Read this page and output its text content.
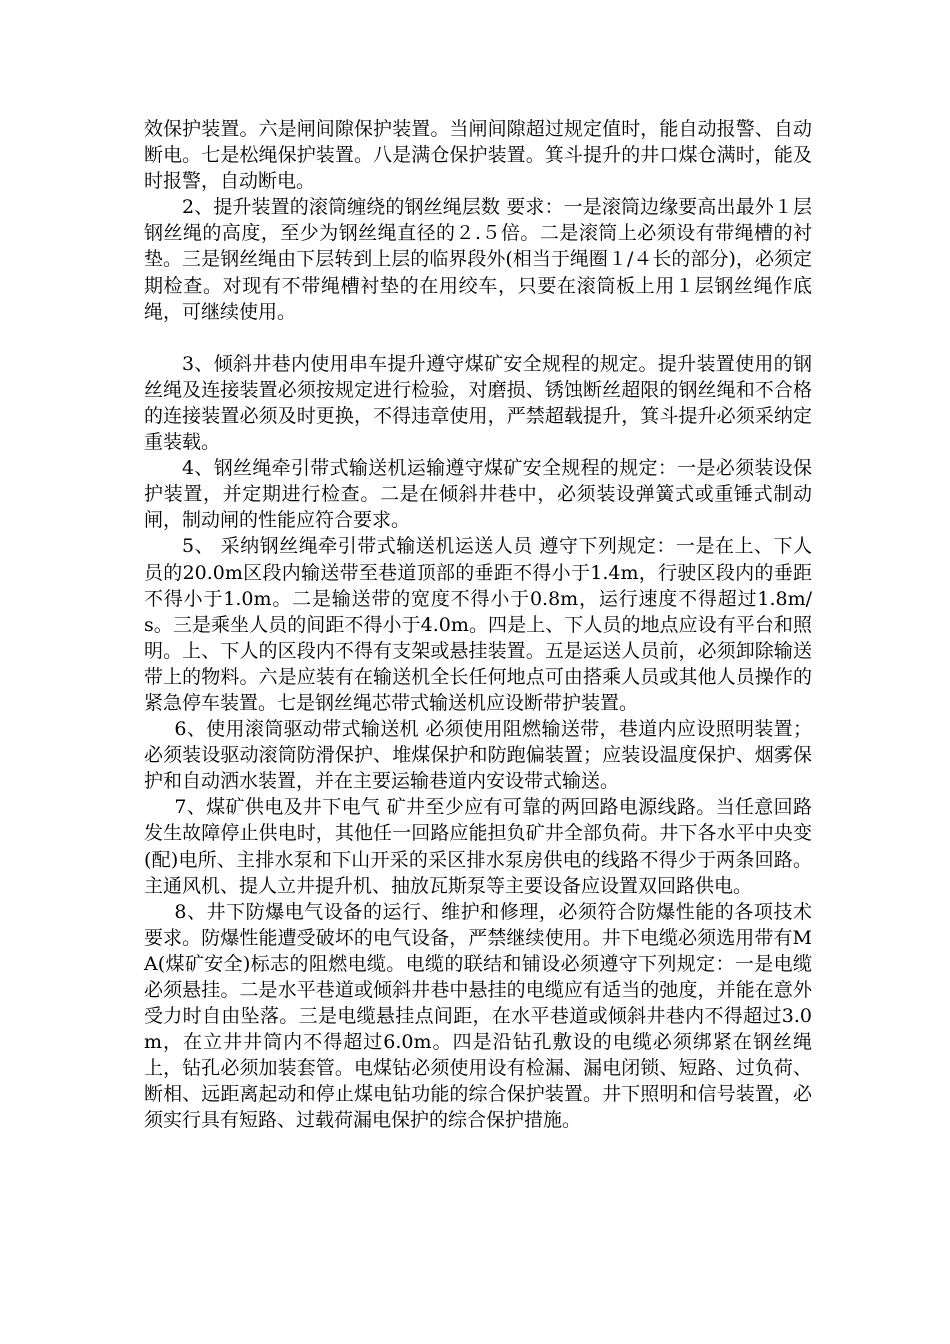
效保护装置。六是闸间隙保护装置。当闸间隙超过规定值时，能自动报警、自动断电。七是松绳保护装置。八是满仓保护装置。箕斗提升的井口煤仓满时，能及时报警，自动断电。

2、提升装置的滚筒缠绕的钢丝绳层数 要求：一是滚筒边缘要高出最外１层钢丝绳的高度，至少为钢丝绳直径的２.５倍。二是滚筒上必须设有带绳槽的衬垫。三是钢丝绳由下层转到上层的临界段外(相当于绳圈１/４长的部分)，必须定期检查。对现有不带绳槽衬垫的在用绞车，只要在滚筒板上用１层钢丝绳作底绳，可继续使用。

3、倾斜井巷内使用串车提升遵守煤矿安全规程的规定。提升装置使用的钢丝绳及连接装置必须按规定进行检验，对磨损、锈蚀断丝超限的钢丝绳和不合格的连接装置必须及时更换，不得违章使用，严禁超载提升，箕斗提升必须采纳定重装载。

4、钢丝绳牵引带式输送机运输遵守煤矿安全规程的规定：一是必须装设保护装置，并定期进行检查。二是在倾斜井巷中，必须装设弹簧式或重锤式制动闸，制动闸的性能应符合要求。

5、 采纳钢丝绳牵引带式输送机运送人员 遵守下列规定：一是在上、下人员的20.0m区段内输送带至巷道顶部的垂距不得小于1.4m，行驶区段内的垂距不得小于1.0m。二是输送带的宽度不得小于0.8m，运行速度不得超过1.8m/s。三是乘坐人员的间距不得小于4.0m。四是上、下人员的地点应设有平台和照明。上、下人的区段内不得有支架或悬挂装置。五是运送人员前，必须卸除输送带上的物料。六是应装有在输送机全长任何地点可由搭乘人员或其他人员操作的紧急停车装置。七是钢丝绳芯带式输送机应设断带护装置。

6、使用滚筒驱动带式输送机 必须使用阻燃输送带，巷道内应设照明装置；必须装设驱动滚筒防滑保护、堆煤保护和防跑偏装置；应装设温度保护、烟雾保护和自动洒水装置，并在主要运输巷道内安设带式输送。

7、煤矿供电及井下电气 矿井至少应有可靠的两回路电源线路。当任意回路发生故障停止供电时，其他任一回路应能担负矿井全部负荷。井下各水平中央变(配)电所、主排水泵和下山开采的采区排水泵房供电的线路不得少于两条回路。主通风机、提人立井提升机、抽放瓦斯泵等主要设备应设置双回路供电。

8、井下防爆电气设备的运行、维护和修理，必须符合防爆性能的各项技术要求。防爆性能遭受破坏的电气设备，严禁继续使用。井下电缆必须选用带有MA(煤矿安全)标志的阻燃电缆。电缆的联结和铺设必须遵守下列规定：一是电缆必须悬挂。二是水平巷道或倾斜井巷中悬挂的电缆应有适当的弛度，并能在意外受力时自由坠落。三是电缆悬挂点间距，在水平巷道或倾斜井巷内不得超过3.0m，在立井井筒内不得超过6.0m。四是沿钻孔敷设的电缆必须绑紧在钢丝绳上，钻孔必须加装套管。电煤钻必须使用设有检漏、漏电闭锁、短路、过负荷、断相、远距离起动和停止煤电钻功能的综合保护装置。井下照明和信号装置，必须实行具有短路、过载荷漏电保护的综合保护措施。
